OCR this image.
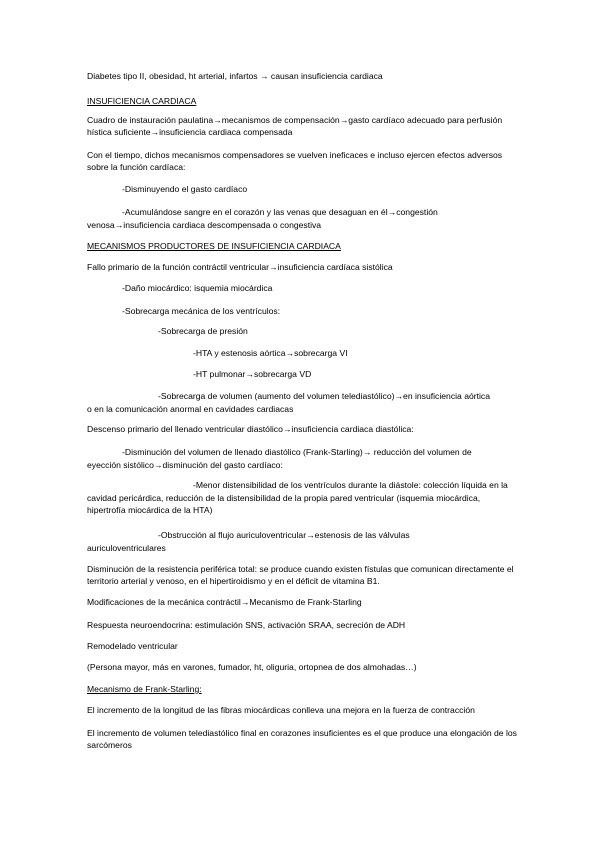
Diabetes tipo II, obesidad, ht arterial, infartos → causan insuficiencia cardiaca
INSUFICIENCIA CARDIACA
Cuadro de instauración paulatina→mecanismos de compensación→gasto cardíaco adecuado para perfusión hística suficiente→insuficiencia cardiaca compensada
Con el tiempo, dichos mecanismos compensadores se vuelven ineficaces e incluso ejercen efectos adversos sobre la función cardíaca:
-Disminuyendo el gasto cardíaco
-Acumulándose sangre en el corazón y las venas que desaguan en él→congestión
venosa→insuficiencia cardiaca descompensada o congestiva
MECANISMOS PRODUCTORES DE INSUFICIENCIA CARDIACA
Fallo primario de la función contráctil ventricular→insuficiencia cardíaca sistólica
-Daño miocárdico: isquemia miocárdica
-Sobrecarga mecánica de los ventrículos:
-Sobrecarga de presión
-HTA y estenosis aórtica→sobrecarga VI
-HT pulmonar→sobrecarga VD
-Sobrecarga de volumen (aumento del volumen telediastólico)→en insuficiencia aórtica
o en la comunicación anormal en cavidades cardiacas
Descenso primario del llenado ventricular diastólico→insuficiencia cardiaca diastólica:
-Disminución del volumen de llenado diastólico (Frank-Starling)→ reducción del volumen de
eyección sistólico→disminución del gasto cardíaco:
-Menor distensibilidad de los ventrículos durante la diástole: colección líquida en la
cavidad pericárdica, reducción de la distensibilidad de la propia pared ventricular (isquemia miocárdica, hipertrofía miocárdica de la HTA)
-Obstrucción al flujo auriculoventricular→estenosis de las válvulas
auriculoventriculares
Disminución de la resistencia periférica total: se produce cuando existen fístulas que comunican directamente el territorio arterial y venoso, en el hipertiroidismo y en el déficit de vitamina B1.
Modificaciones de la mecánica contráctil→Mecanismo de Frank-Starling
Respuesta neuroendocrina: estimulación SNS, activación SRAA, secreción de ADH
Remodelado ventricular
(Persona mayor, más en varones, fumador, ht, oliguria, ortopnea de dos almohadas…)
Mecanismo de Frank-Starling:
El incremento de la longitud de las fibras miocárdicas conlleva una mejora en la fuerza de contracción
El incremento de volumen telediastólico final en corazones insuficientes es el que produce una elongación de los sarcómeros
